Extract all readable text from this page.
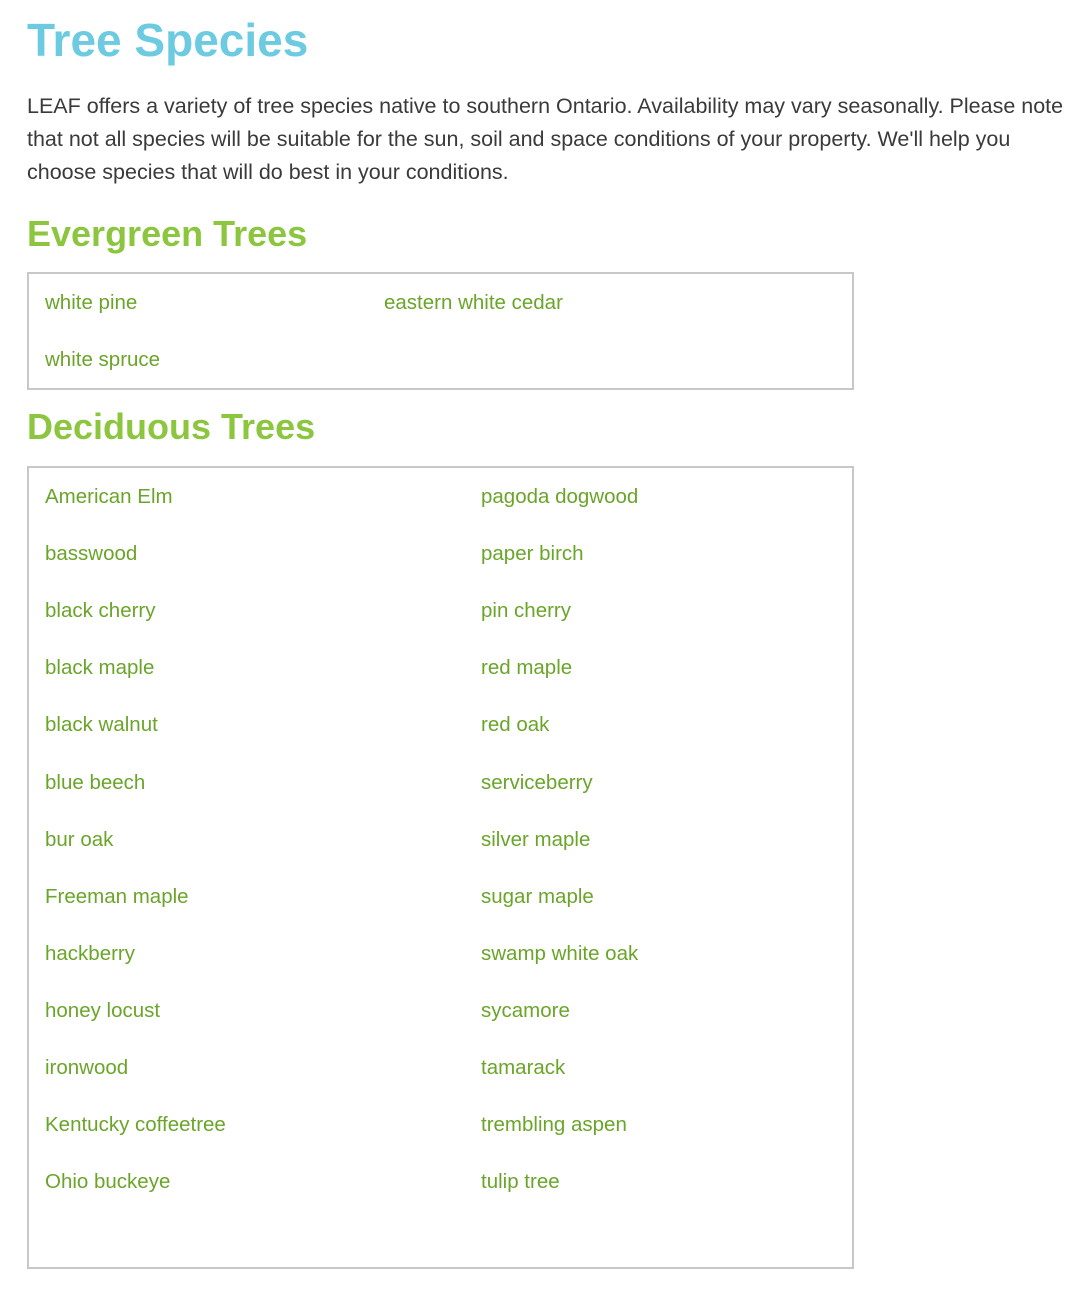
Tree Species

LEAF offers a variety of tree species native to southern Ontario. Availability may vary seasonally. Please note that not all species will be suitable for the sun, soil and space conditions of your property. We'll help you choose species that will do best in your conditions.

Evergreen Trees
white pine	eastern white cedar
white spruce
Deciduous Trees
American Elm	pagoda dogwood
basswood	paper birch
black cherry	pin cherry
black maple	red maple
black walnut	red oak
blue beech	serviceberry
bur oak	silver maple
Freeman maple	sugar maple
hackberry	swamp white oak
honey locust	sycamore
ironwood	tamarack
Kentucky coffeetree	trembling aspen
Ohio buckeye	tulip tree
